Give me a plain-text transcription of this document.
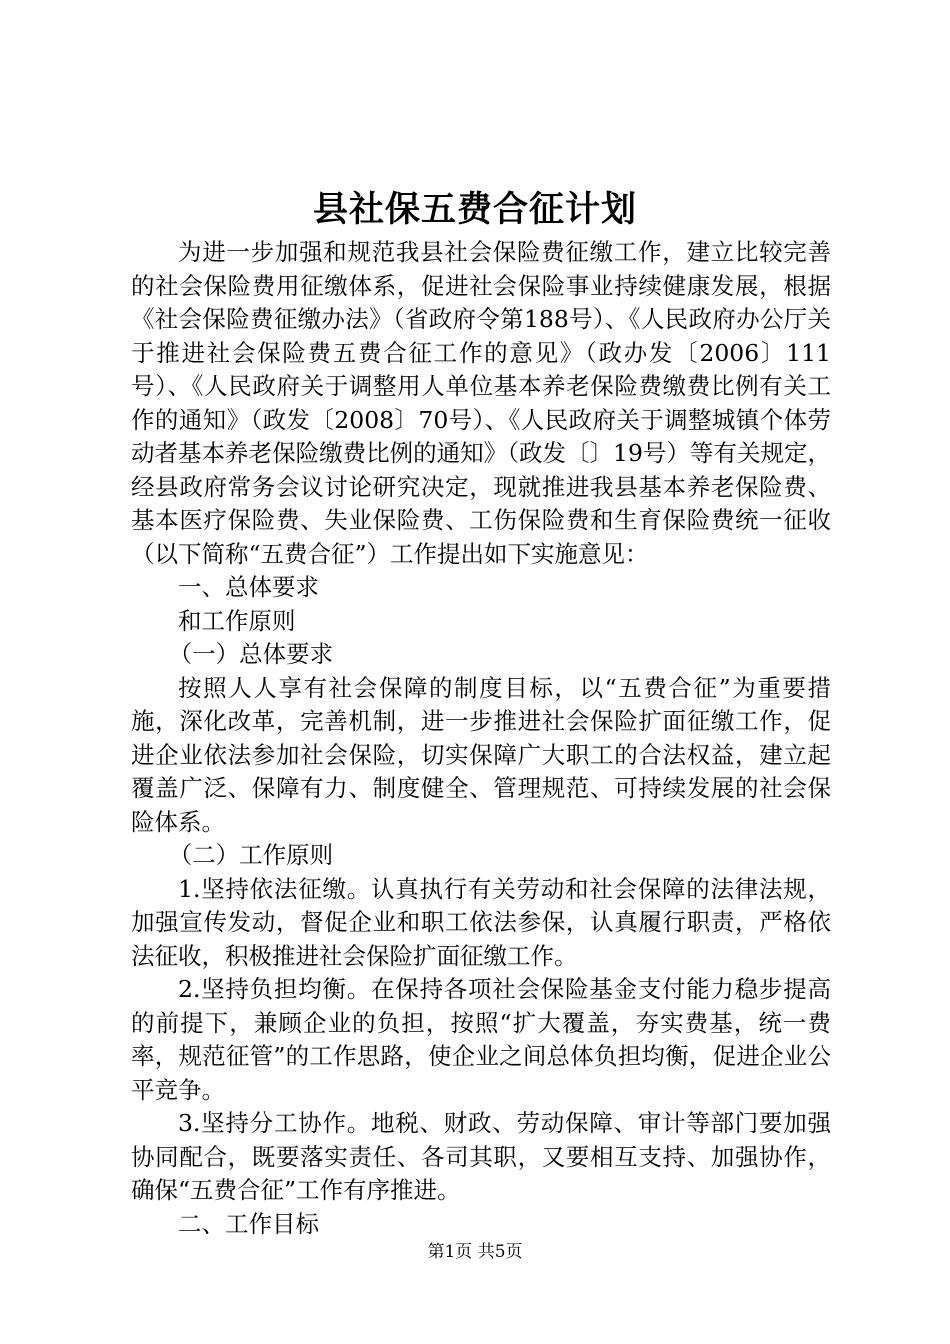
县社保五费合征计划

为进一步加强和规范我县社会保险费征缴工作，建立比较完善的社会保险费用征缴体系，促进社会保险事业持续健康发展，根据《社会保险费征缴办法》（省政府令第188号）、《人民政府办公厅关于推进社会保险费五费合征工作的意见》（政办发〔2006〕111号）、《人民政府关于调整用人单位基本养老保险费缴费比例有关工作的通知》（政发〔2008〕70号）、《人民政府关于调整城镇个体劳动者基本养老保险缴费比例的通知》（政发〔〕19号）等有关规定，经县政府常务会议讨论研究决定，现就推进我县基本养老保险费、基本医疗保险费、失业保险费、工伤保险费和生育保险费统一征收（以下简称“五费合征”）工作提出如下实施意见：

一、总体要求

和工作原则

（一）总体要求

按照人人享有社会保障的制度目标，以“五费合征”为重要措施，深化改革，完善机制，进一步推进社会保险扩面征缴工作，促进企业依法参加社会保险，切实保障广大职工的合法权益，建立起覆盖广泛、保障有力、制度健全、管理规范、可持续发展的社会保险体系。

（二）工作原则

1.坚持依法征缴。认真执行有关劳动和社会保障的法律法规，加强宣传发动，督促企业和职工依法参保，认真履行职责，严格依法征收，积极推进社会保险扩面征缴工作。

2.坚持负担均衡。在保持各项社会保险基金支付能力稳步提高的前提下，兼顾企业的负担，按照“扩大覆盖，夯实费基，统一费率，规范征管”的工作思路，使企业之间总体负担均衡，促进企业公平竞争。

3.坚持分工协作。地税、财政、劳动保障、审计等部门要加强协同配合，既要落实责任、各司其职，又要相互支持、加强协作，确保“五费合征”工作有序推进。

二、工作目标

第1页 共5页
